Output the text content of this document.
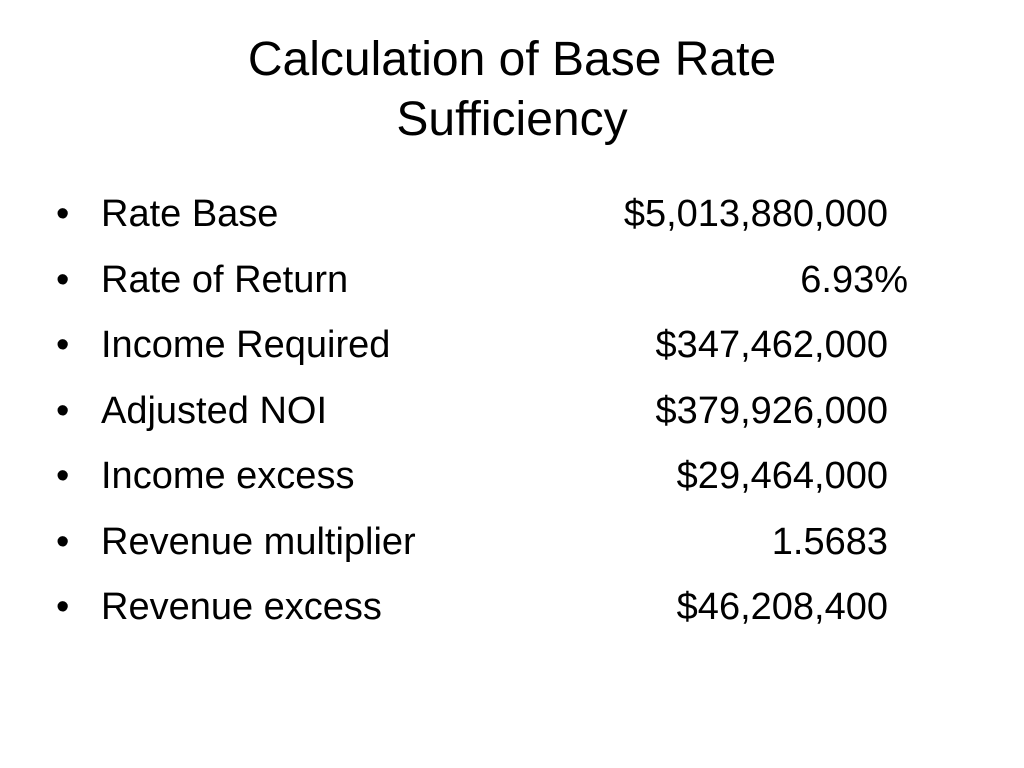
Calculation of Base Rate
Sufficiency
• Rate Base	$5,013,880,000
• Rate of Return	6.93%
• Income Required	$347,462,000
• Adjusted NOI	$379,926,000
• Income excess	$29,464,000
• Revenue multiplier	1.5683
• Revenue excess	$46,208,400
